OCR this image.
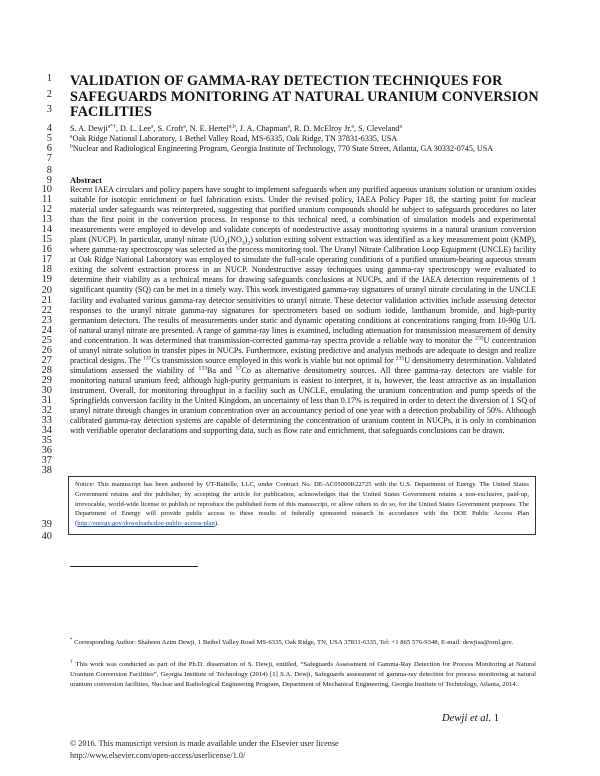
1
2
3
4
5
6
7
8
9
10
11
12
13
14
15
16
17
18
19
20
21
22
23
24
25
26
27
28
29
30
31
32
33
34
35
36
37
38
39
40
VALIDATION OF GAMMA-RAY DETECTION TECHNIQUES FOR SAFEGUARDS MONITORING AT NATURAL URANIUM CONVERSION FACILITIES
S. A. Dewji$^{a*\dagger}$, D. L. Lee$^a$, S. Croft$^a$, N. E. Hertel$^{a,b}$, J. A. Chapman$^a$, R. D. McElroy Jr.$^a$, S. Cleveland$^a$
$^a$Oak Ridge National Laboratory, 1 Bethel Valley Road, MS-6335, Oak Ridge, TN 37831-6335, USA
$^b$Nuclear and Radiological Engineering Program, Georgia Institute of Technology, 770 State Street, Atlanta, GA 30332-0745, USA
Abstract
Recent IAEA circulars and policy papers have sought to implement safeguards when any purified aqueous uranium solution or uranium oxides suitable for isotopic enrichment or fuel fabrication exists. Under the revised policy, IAEA Policy Paper 18, the starting point for nuclear material under safeguards was reinterpreted, suggesting that purified uranium compounds should be subject to safeguards procedures no later than the first point in the conversion process. In response to this technical need, a combination of simulation models and experimental measurements were employed to develop and validate concepts of nondestructive assay monitoring systems in a natural uranium conversion plant (NUCP). In particular, uranyl nitrate $(UO_2(NO_3)_2)$ solution exiting solvent extraction was identified as a key measurement point (KMP), where gamma-ray spectroscopy was selected as the process monitoring tool. The Uranyl Nitrate Calibration Loop Equipment (UNCLE) facility at Oak Ridge National Laboratory was employed to simulate the full-scale operating conditions of a purified uranium-bearing aqueous stream exiting the solvent extraction process in an NUCP. Nondestructive assay techniques using gamma-ray spectroscopy were evaluated to determine their viability as a technical means for drawing safeguards conclusions at NUCPs, and if the IAEA detection requirements of 1 significant quantity (SQ) can be met in a timely way. This work investigated gamma-ray signatures of uranyl nitrate circulating in the UNCLE facility and evaluated various gamma-ray detector sensitivities to uranyl nitrate. These detector validation activities include assessing detector responses to the uranyl nitrate gamma-ray signatures for spectrometers based on sodium iodide, lanthanum bromide, and high-purity germanium detectors. The results of measurements under static and dynamic operating conditions at concentrations ranging from 10-90g U/L of natural uranyl nitrate are presented. A range of gamma-ray lines is examined, including attenuation for transmission measurement of density and concentration. It was determined that transmission-corrected gamma-ray spectra provide a reliable way to monitor the $^{235}$U concentration of uranyl nitrate solution in transfer pipes in NUCPs. Furthermore, existing predictive and analysis methods are adequate to design and realize practical designs. The $^{137}$Cs transmission source employed in this work is viable but not optimal for $^{235}$U densitometry determination. Validated simulations assessed the viability of $^{133}$Ba and $^{57}$Co as alternative densitometry sources. All three gamma-ray detectors are viable for monitoring natural uranium feed; although high-purity germanium is easiest to interpret, it is, however, the least attractive as an installation instrument. Overall, for monitoring throughput in a facility such as UNCLE, emulating the uranium concentration and pump speeds of the Springfields conversion facility in the United Kingdom, an uncertainty of less than 0.17% is required in order to detect the diversion of 1 SQ of uranyl nitrate through changes in uranium concentration over an accountancy period of one year with a detection probability of 50%. Although calibrated gamma-ray detection systems are capable of determining the concentration of uranium content in NUCPs, it is only in combination with verifiable operator declarations and supporting data, such as flow rate and enrichment, that safeguards conclusions can be drawn.
Notice: This manuscript has been authored by UT-Battelle, LLC, under Contract No. DE-AC05000R22725 with the U.S. Department of Energy. The United States Government retains and the publisher, by accepting the article for publication, acknowledges that the United States Government retains a non-exclusive, paid-up, irrevocable, world-wide license to publish or reproduce the published form of this manuscript, or allow others to do so, for the United States Government purposes. The Department of Energy will provide public access to these results of federally sponsored research in accordance with the DOE Public Access Plan (http://energy.gov/downloads/doe-public-access-plan).
* Corresponding Author: Shaheen Azim Dewji, 1 Bethel Valley Road MS-6335, Oak Ridge, TN, USA 37831-6335, Tel: +1 865 576-9348, E-mail: dewjisa@ornl.gov.
† This work was conducted as part of the Ph.D. dissertation of S. Dewji, entitled, “Safeguards Assessment of Gamma-Ray Detection for Process Monitoring at Natural Uranium Conversion Facilities”, Georgia Institute of Technology (2014) [1] S.A. Dewji, Safeguards assessment of gamma-ray detection for process monitoring at natural uranium conversion facilities, Nuclear and Radiological Engineering Program, Department of Mechanical Engineering, Georgia Institute of Technology, Atlanta, 2014..
Dewji et al. 1
© 2016. This manuscript version is made available under the Elsevier user license
http://www.elsevier.com/open-access/userlicense/1.0/
